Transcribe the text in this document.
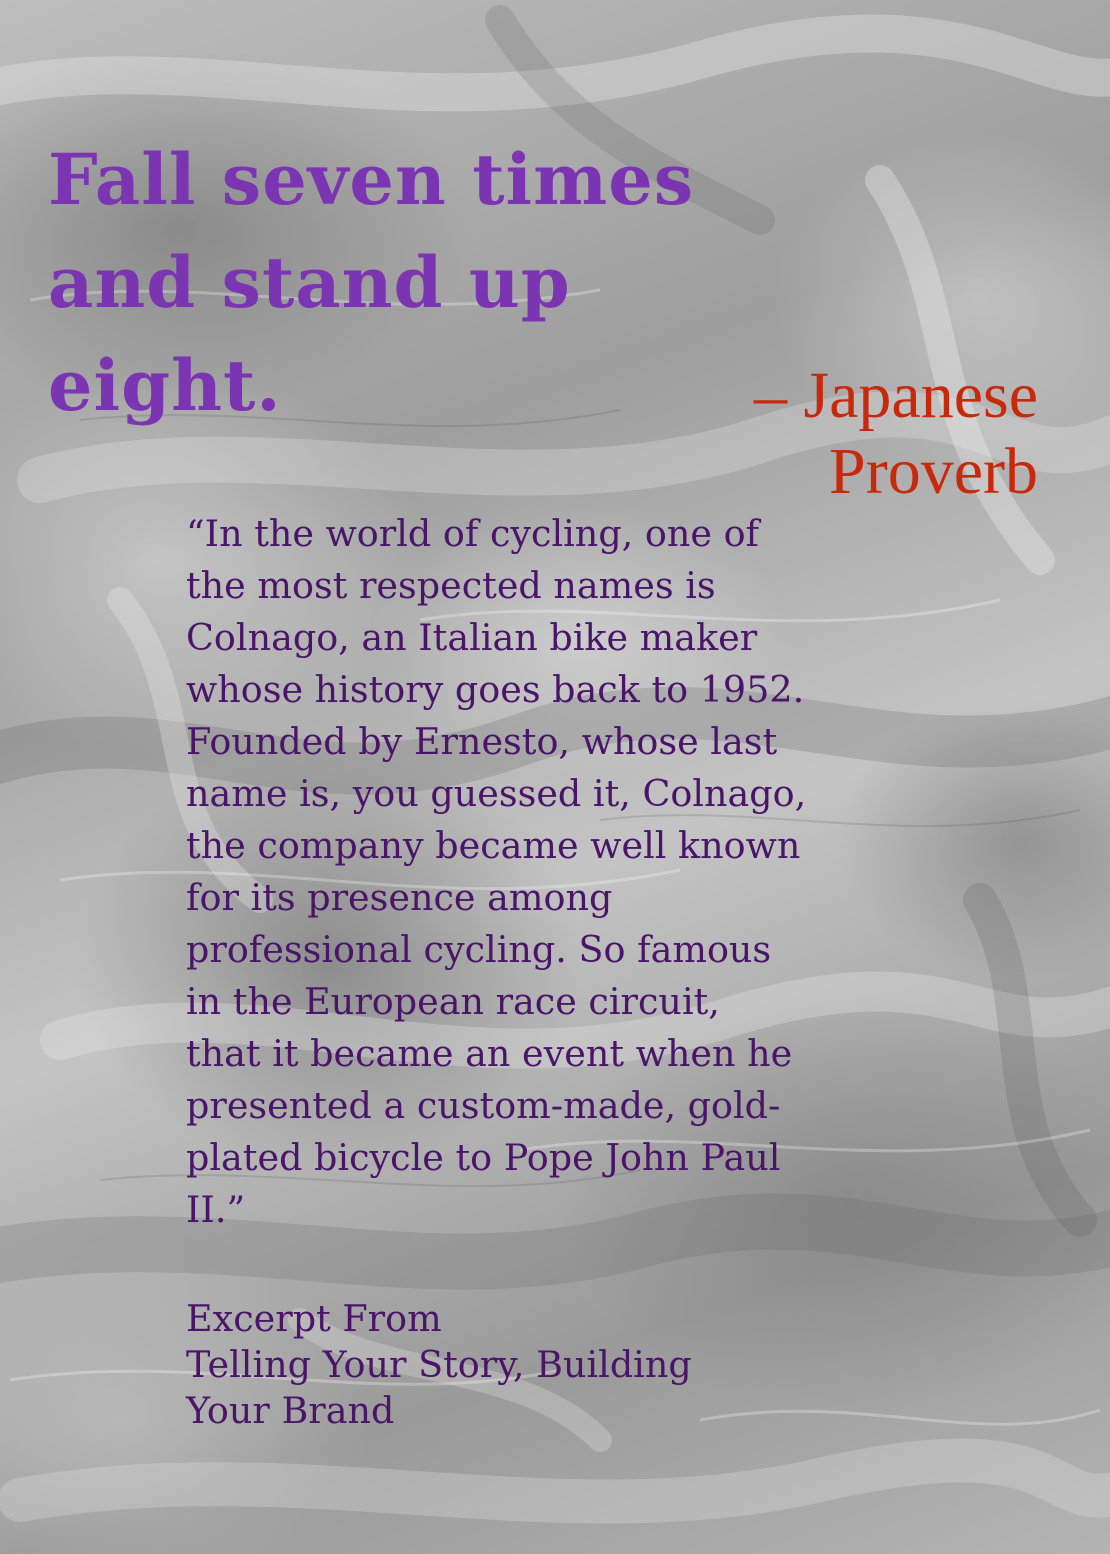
Fall seven times
and stand up
eight.	– Japanese
Proverb
“In the world of cycling, one of
the most respected names is
Colnago, an Italian bike maker
whose history goes back to 1952.
Founded by Ernesto, whose last
name is, you guessed it, Colnago,
the company became well known
for its presence among
professional cycling. So famous
in the European race circuit,
that it became an event when he
presented a custom-made, gold-
plated bicycle to Pope John Paul
II.”
Excerpt From
Telling Your Story, Building
Your Brand
